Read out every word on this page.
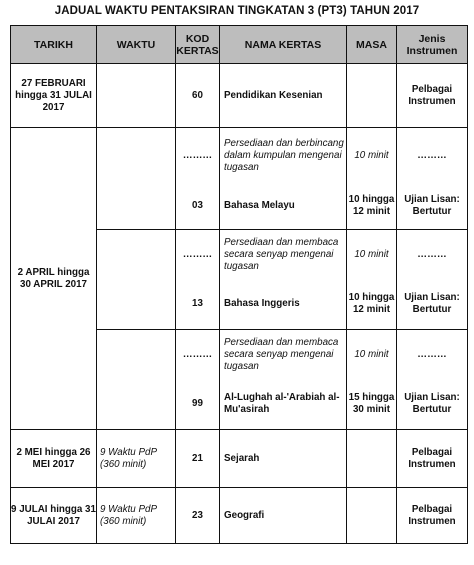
JADUAL WAKTU PENTAKSIRAN TINGKATAN 3 (PT3) TAHUN 2017
TARIKH	WAKTU	KOD KERTAS	NAMA KERTAS	MASA	Jenis Instrumen
27 FEBRUARI hingga 31 JULAI 2017		60	Pendidikan Kesenian		Pelbagai Instrumen
2 APRIL hingga 30 APRIL 2017		………	Persediaan dan berbincang dalam kumpulan mengenai tugasan	10 minit	………
		03	Bahasa Melayu	10 hingga 12 minit	Ujian Lisan: Bertutur
		………	Persediaan dan membaca secara senyap mengenai tugasan	10 minit	………
		13	Bahasa Inggeris	10 hingga 12 minit	Ujian Lisan: Bertutur
		………	Persediaan dan membaca secara senyap mengenai tugasan	10 minit	………
		99	Al-Lughah al-'Arabiah al-Mu'asirah	15 hingga 30 minit	Ujian Lisan: Bertutur
2 MEI hingga 26 MEI 2017	9 Waktu PdP (360 minit)	21	Sejarah		Pelbagai Instrumen
9 JULAI hingga 31 JULAI 2017	9 Waktu PdP (360 minit)	23	Geografi		Pelbagai Instrumen
